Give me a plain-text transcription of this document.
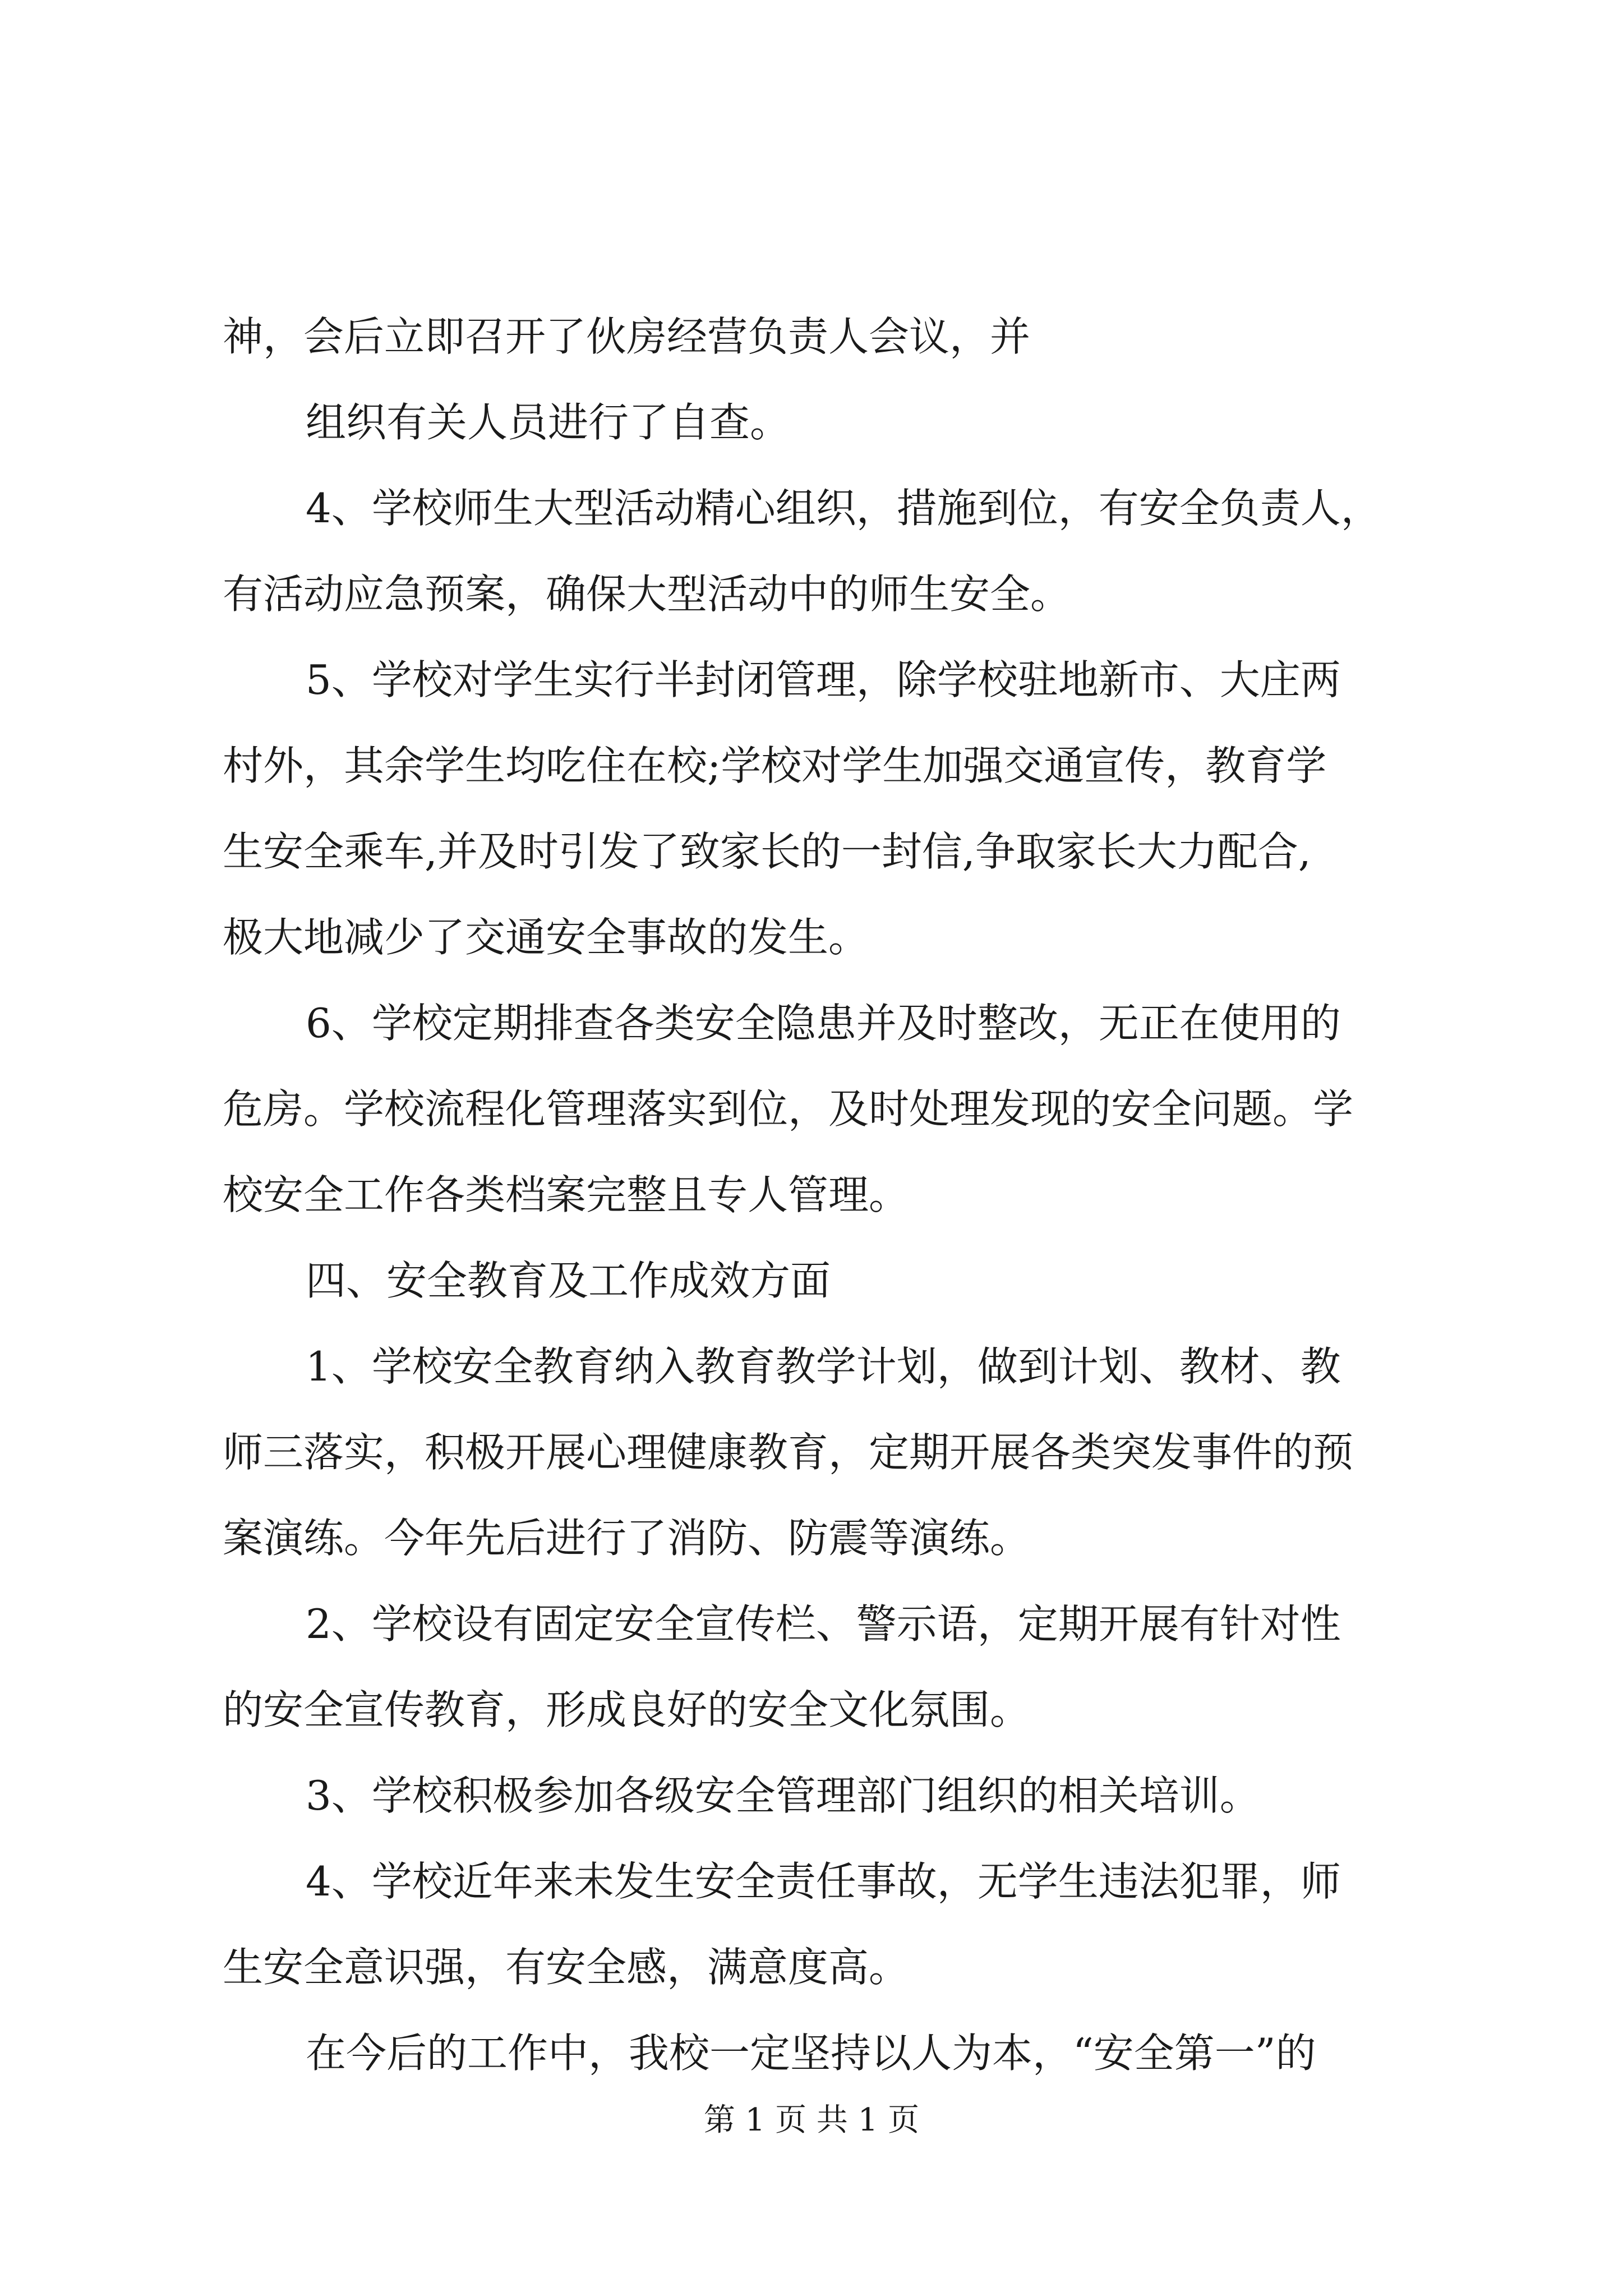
神，会后立即召开了伙房经营负责人会议，并

组织有关人员进行了自查。

4、学校师生大型活动精心组织，措施到位，有安全负责人，

有活动应急预案，确保大型活动中的师生安全。

5、学校对学生实行半封闭管理，除学校驻地新市、大庄两

村外，其余学生均吃住在校;学校对学生加强交通宣传，教育学

生安全乘车,并及时引发了致家长的一封信,争取家长大力配合,

极大地减少了交通安全事故的发生。

6、学校定期排查各类安全隐患并及时整改，无正在使用的

危房。学校流程化管理落实到位，及时处理发现的安全问题。学

校安全工作各类档案完整且专人管理。

四、安全教育及工作成效方面

1、学校安全教育纳入教育教学计划，做到计划、教材、教

师三落实，积极开展心理健康教育，定期开展各类突发事件的预

案演练。今年先后进行了消防、防震等演练。

2、学校设有固定安全宣传栏、警示语，定期开展有针对性

的安全宣传教育，形成良好的安全文化氛围。

3、学校积极参加各级安全管理部门组织的相关培训。

4、学校近年来未发生安全责任事故，无学生违法犯罪，师

生安全意识强，有安全感，满意度高。

在今后的工作中，我校一定坚持以人为本，“安全第一”的

第 1 页 共 1 页
